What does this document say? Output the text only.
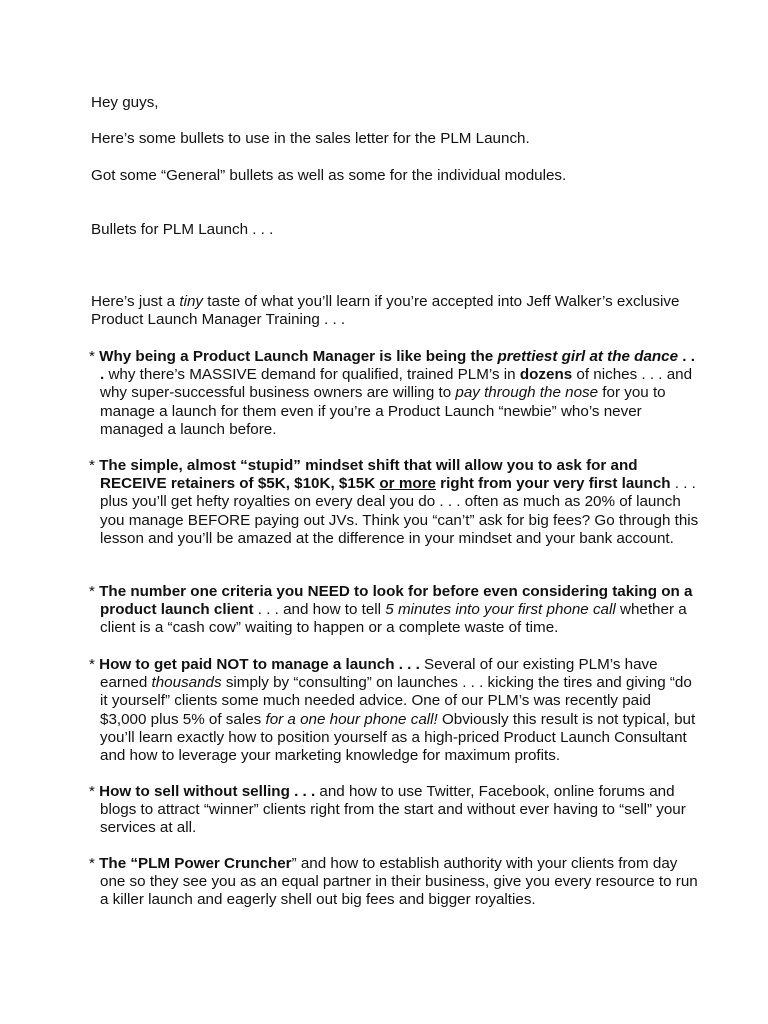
Hey guys,

Here’s some bullets to use in the sales letter for the PLM Launch.

Got some “General” bullets as well as some for the individual modules.

Bullets for PLM Launch . . .

Here’s just a tiny taste of what you’ll learn if you’re accepted into Jeff Walker’s exclusive Product Launch Manager Training . . .

* Why being a Product Launch Manager is like being the prettiest girl at the dance . . . why there’s MASSIVE demand for qualified, trained PLM’s in dozens of niches . . . and why super-successful business owners are willing to pay through the nose for you to manage a launch for them even if you’re a Product Launch “newbie” who’s never managed a launch before.

* The simple, almost “stupid” mindset shift that will allow you to ask for and RECEIVE retainers of $5K, $10K, $15K or more right from your very first launch . . . plus you’ll get hefty royalties on every deal you do . . . often as much as 20% of launch you manage BEFORE paying out JVs. Think you “can’t” ask for big fees? Go through this lesson and you’ll be amazed at the difference in your mindset and your bank account.

* The number one criteria you NEED to look for before even considering taking on a product launch client . . . and how to tell 5 minutes into your first phone call whether a client is a “cash cow” waiting to happen or a complete waste of time.

* How to get paid NOT to manage a launch . . . Several of our existing PLM’s have earned thousands simply by “consulting” on launches . . . kicking the tires and giving “do it yourself” clients some much needed advice. One of our PLM’s was recently paid $3,000 plus 5% of sales for a one hour phone call! Obviously this result is not typical, but you’ll learn exactly how to position yourself as a high-priced Product Launch Consultant and how to leverage your marketing knowledge for maximum profits.

* How to sell without selling . . . and how to use Twitter, Facebook, online forums and blogs to attract “winner” clients right from the start and without ever having to “sell” your services at all.

* The “PLM Power Cruncher” and how to establish authority with your clients from day one so they see you as an equal partner in their business, give you every resource to run a killer launch and eagerly shell out big fees and bigger royalties.
